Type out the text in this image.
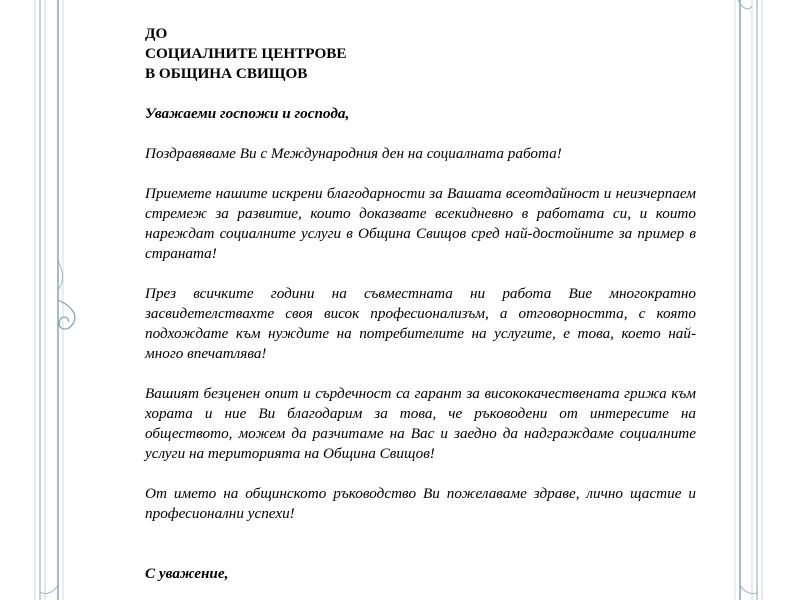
ДО

СОЦИАЛНИТЕ ЦЕНТРОВЕ

В ОБЩИНА СВИЩОВ

Уважаеми госпожи и господа,

Поздравяваме Ви с Международния ден на социалната работа!

Приемете нашите искрени благодарности за Вашата всеотдайност и неизчерпаем стремеж за развитие, които доказвате всекидневно в работата си, и които нареждат социалните услуги в Община Свищов сред най-достойните за пример в страната!

През всичките години на съвместната ни работа Вие многократно засвидетелствахте своя висок професионализъм, а отговорността, с която подхождате към нуждите на потребителите на услугите, е това, което най-много впечатлява!

Вашият безценен опит и сърдечност са гарант за висококачествената грижа към хората и ние Ви благодарим за това, че ръководени от интересите на обществото, можем да разчитаме на Вас и заедно да надграждаме социалните услуги на територията на Община Свищов!

От името на общинското ръководство Ви пожелаваме здраве, лично щастие и професионални успехи!

С уважение,
